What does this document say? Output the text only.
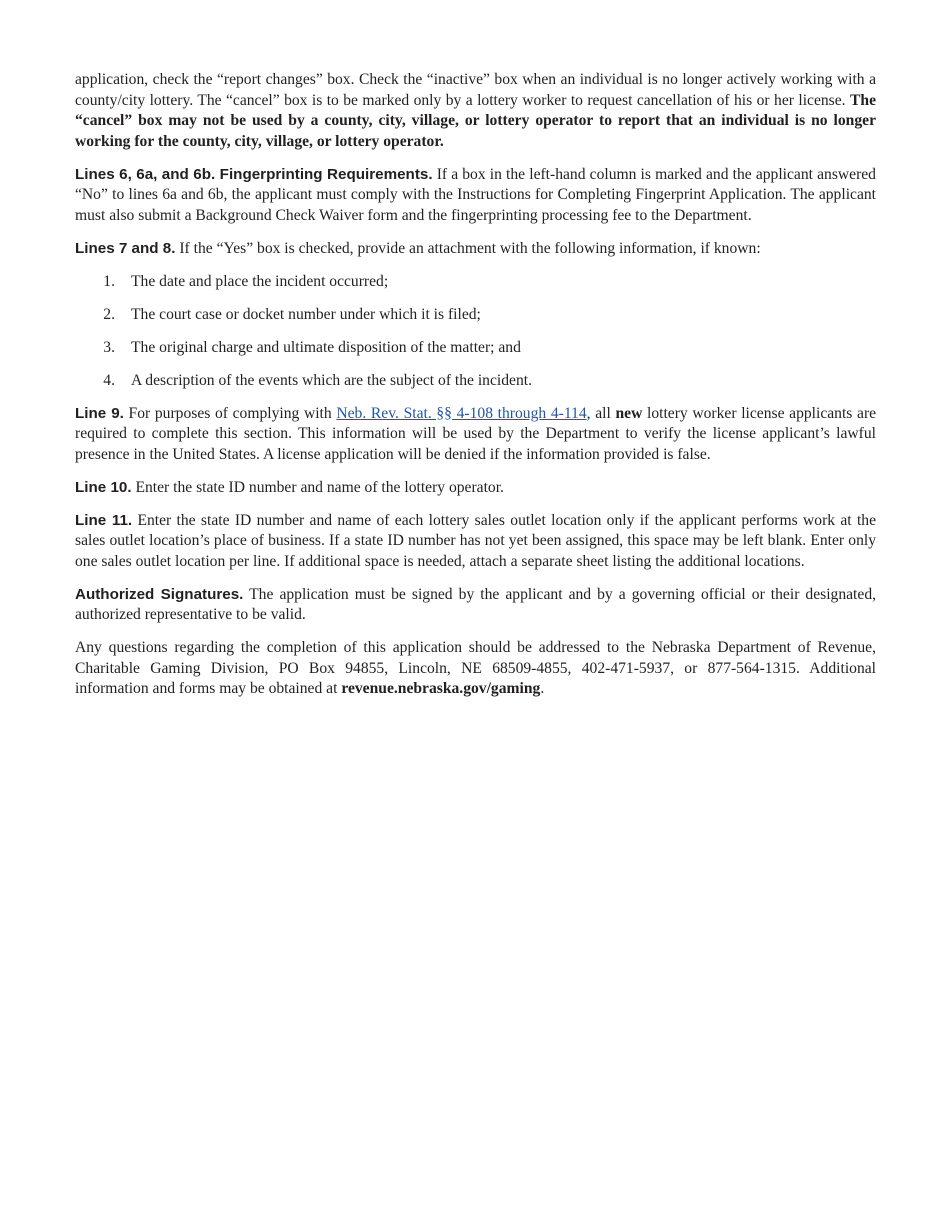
application, check the “report changes” box. Check the “inactive” box when an individual is no longer actively working with a county/city lottery. The “cancel” box is to be marked only by a lottery worker to request cancellation of his or her license. The “cancel” box may not be used by a county, city, village, or lottery operator to report that an individual is no longer working for the county, city, village, or lottery operator.

Lines 6, 6a, and 6b. Fingerprinting Requirements. If a box in the left-hand column is marked and the applicant answered “No” to lines 6a and 6b, the applicant must comply with the Instructions for Completing Fingerprint Application. The applicant must also submit a Background Check Waiver form and the fingerprinting processing fee to the Department.

Lines 7 and 8. If the “Yes” box is checked, provide an attachment with the following information, if known:

1.	The date and place the incident occurred;
2.	The court case or docket number under which it is filed;
3.	The original charge and ultimate disposition of the matter; and
4.	A description of the events which are the subject of the incident.

Line 9. For purposes of complying with Neb. Rev. Stat. §§ 4-108 through 4-114, all new lottery worker license applicants are required to complete this section. This information will be used by the Department to verify the license applicant’s lawful presence in the United States. A license application will be denied if the information provided is false.

Line 10. Enter the state ID number and name of the lottery operator.

Line 11. Enter the state ID number and name of each lottery sales outlet location only if the applicant performs work at the sales outlet location’s place of business. If a state ID number has not yet been assigned, this space may be left blank. Enter only one sales outlet location per line. If additional space is needed, attach a separate sheet listing the additional locations.

Authorized Signatures. The application must be signed by the applicant and by a governing official or their designated, authorized representative to be valid.

Any questions regarding the completion of this application should be addressed to the Nebraska Department of Revenue, Charitable Gaming Division, PO Box 94855, Lincoln, NE 68509-4855, 402-471-5937, or 877-564-1315. Additional information and forms may be obtained at revenue.nebraska.gov/gaming.
